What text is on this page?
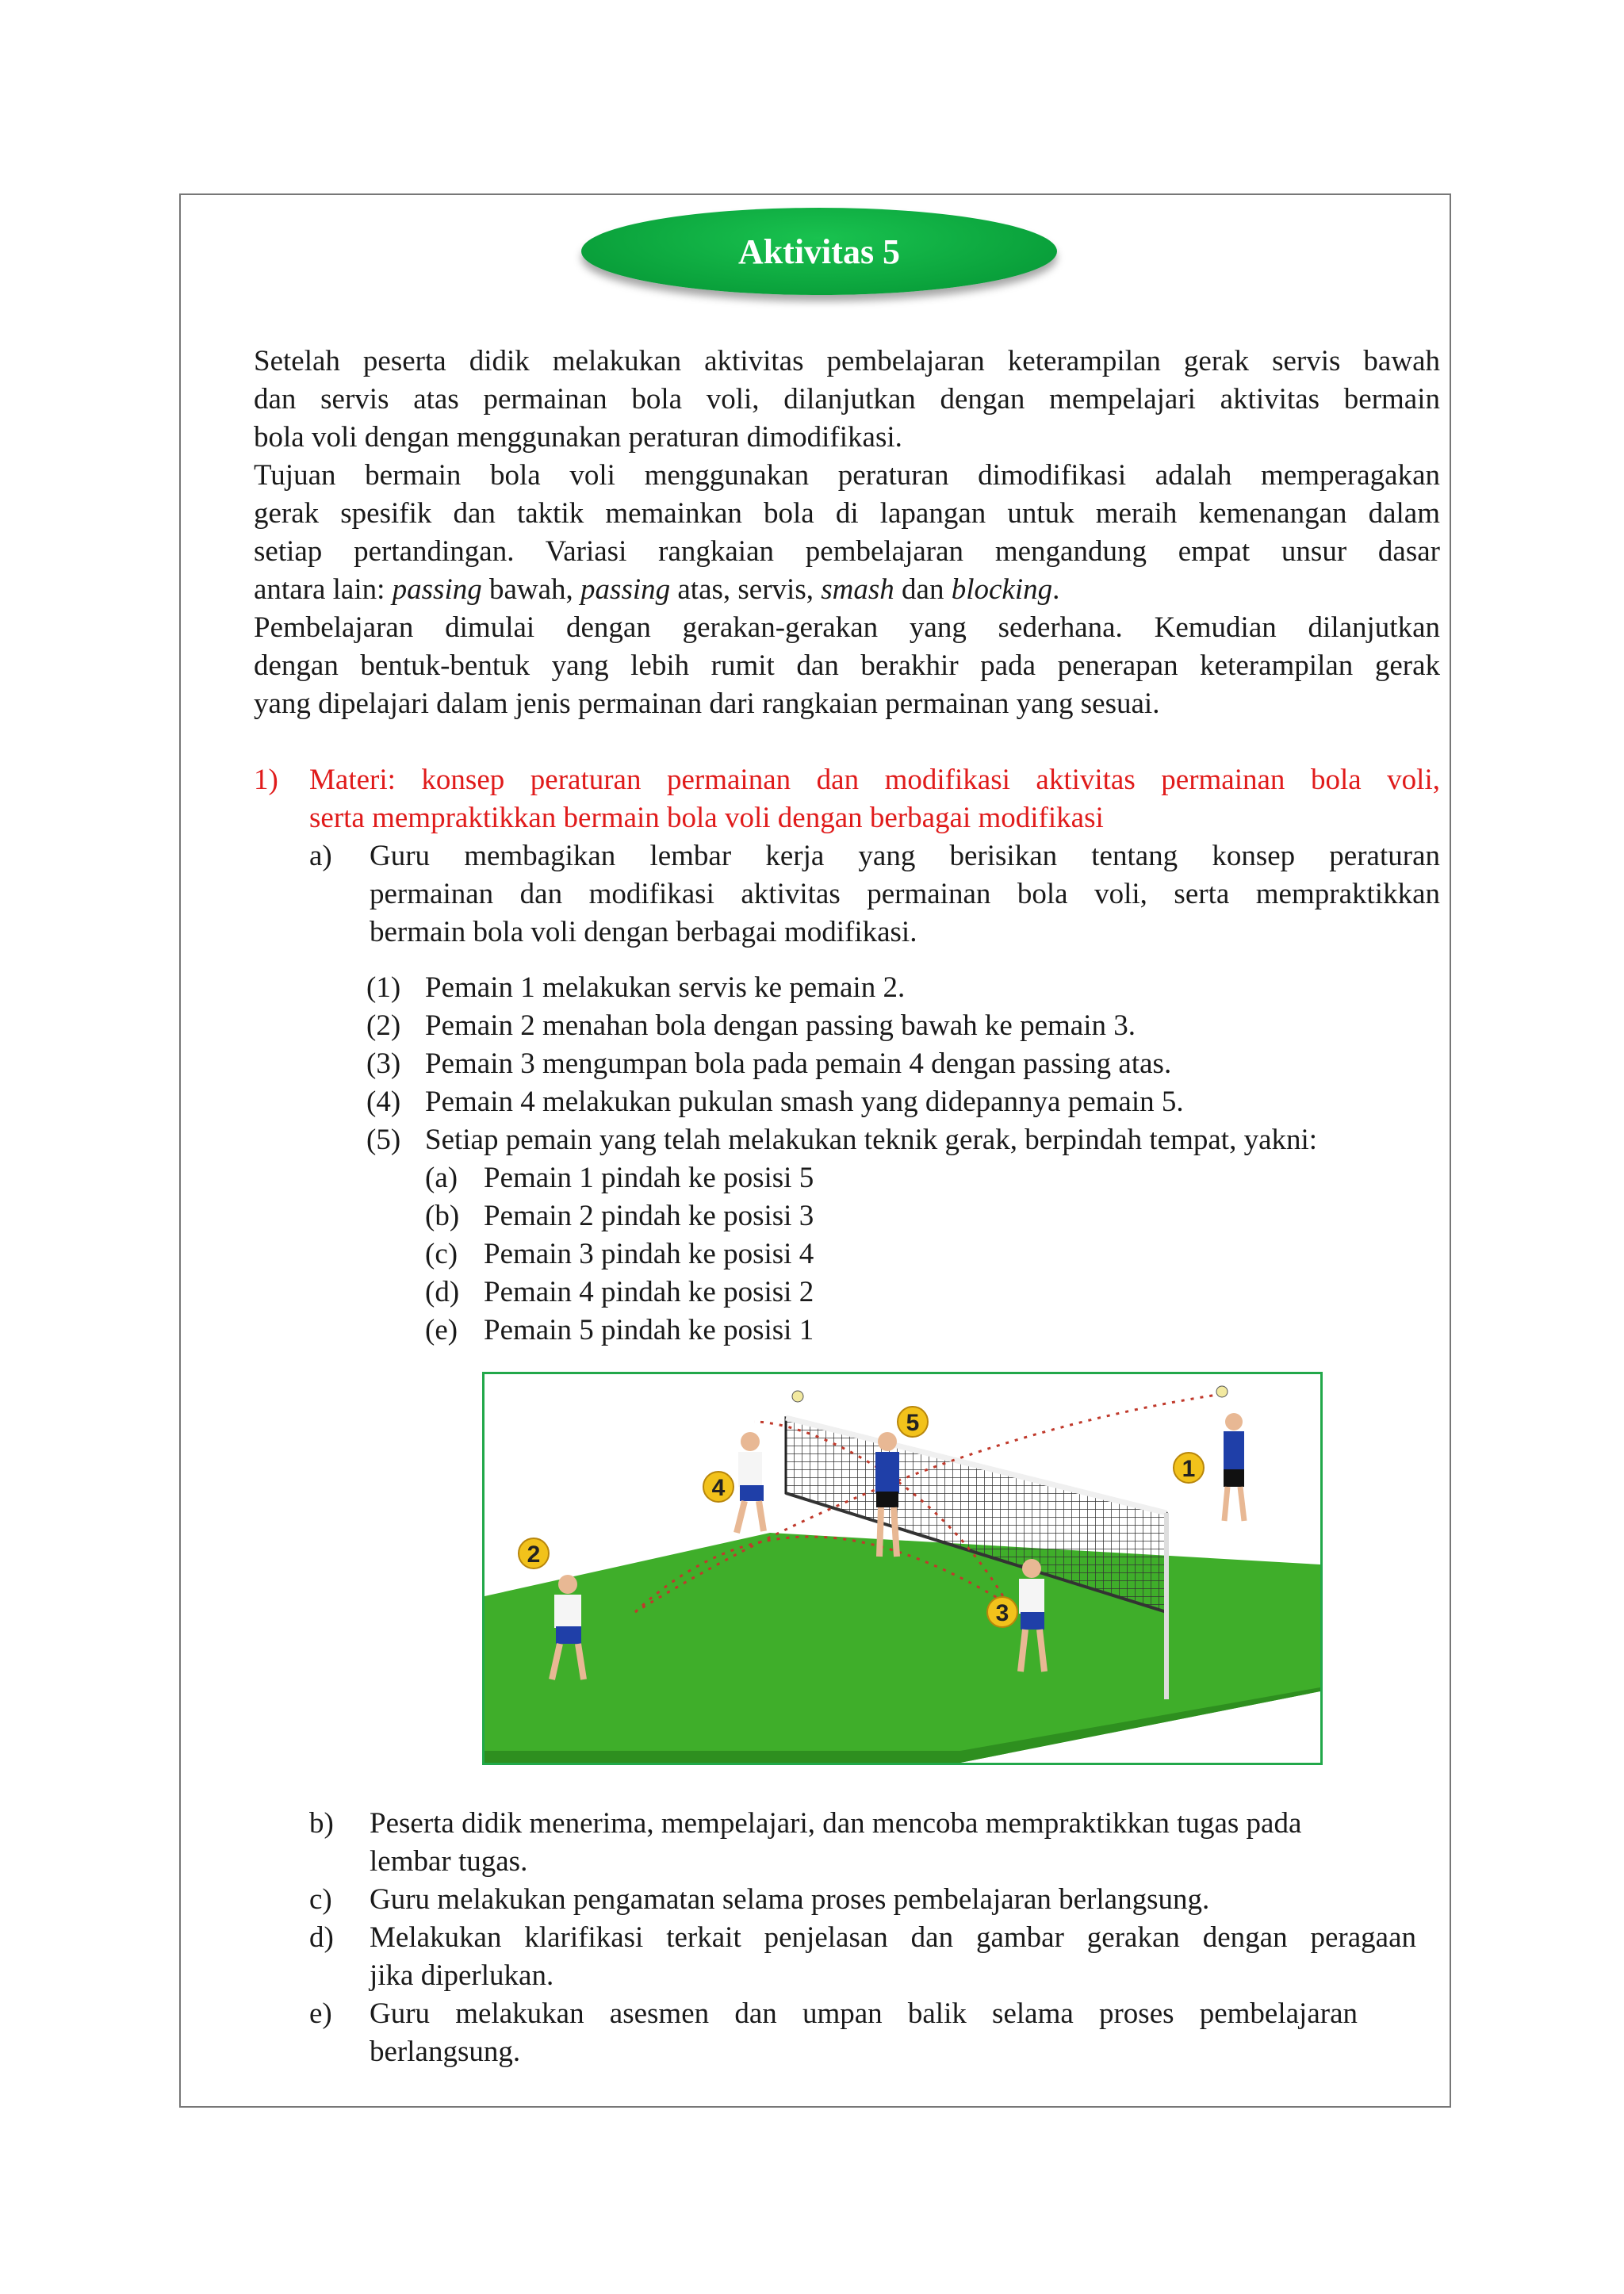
Aktivitas 5
Setelah peserta didik melakukan aktivitas pembelajaran keterampilan gerak servis bawah
dan servis atas permainan bola voli, dilanjutkan dengan mempelajari aktivitas bermain
bola voli dengan menggunakan peraturan dimodifikasi.
Tujuan bermain bola voli menggunakan peraturan dimodifikasi adalah memperagakan
gerak spesifik dan taktik memainkan bola di lapangan untuk meraih kemenangan dalam
setiap pertandingan. Variasi rangkaian pembelajaran mengandung empat unsur dasar
antara lain: passing bawah, passing atas, servis, smash dan blocking.
Pembelajaran dimulai dengan gerakan-gerakan yang sederhana. Kemudian dilanjutkan
dengan bentuk-bentuk yang lebih rumit dan berakhir pada penerapan keterampilan gerak
yang dipelajari dalam jenis permainan dari rangkaian permainan yang sesuai.
1) Materi: konsep peraturan permainan dan modifikasi aktivitas permainan bola voli,
serta mempraktikkan bermain bola voli dengan berbagai modifikasi
a) Guru membagikan lembar kerja yang berisikan tentang konsep peraturan
permainan dan modifikasi aktivitas permainan bola voli, serta mempraktikkan
bermain bola voli dengan berbagai modifikasi.
(1) Pemain 1 melakukan servis ke pemain 2.
(2) Pemain 2 menahan bola dengan passing bawah ke pemain 3.
(3) Pemain 3 mengumpan bola pada pemain 4 dengan passing atas.
(4) Pemain 4 melakukan pukulan smash yang didepannya pemain 5.
(5) Setiap pemain yang telah melakukan teknik gerak, berpindah tempat, yakni:
(a) Pemain 1 pindah ke posisi 5
(b) Pemain 2 pindah ke posisi 3
(c) Pemain 3 pindah ke posisi 4
(d) Pemain 4 pindah ke posisi 2
(e) Pemain 5 pindah ke posisi 1
1
2
3
4
5
b) Peserta didik menerima, mempelajari, dan mencoba mempraktikkan tugas pada
lembar tugas.
c) Guru melakukan pengamatan selama proses pembelajaran berlangsung.
d) Melakukan klarifikasi terkait penjelasan dan gambar gerakan dengan peragaan
jika diperlukan.
e) Guru melakukan asesmen dan umpan balik selama proses pembelajaran
berlangsung.
